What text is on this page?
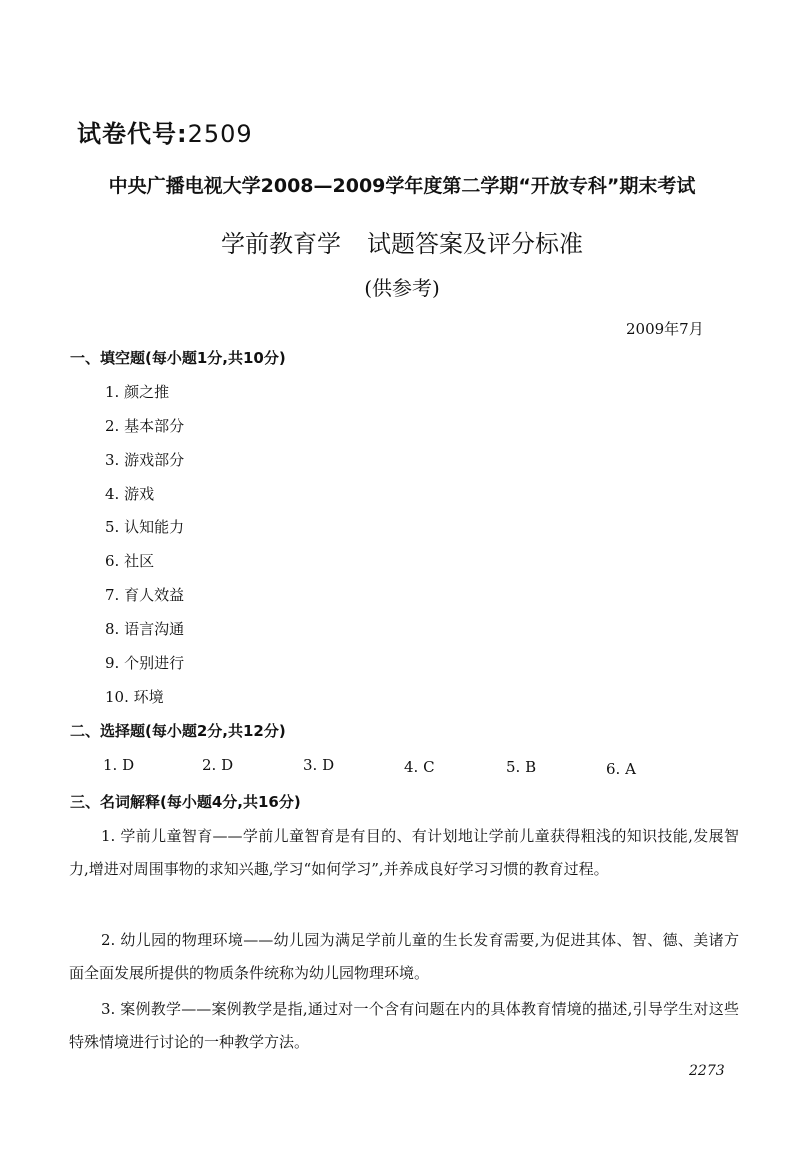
试卷代号:2509
中央广播电视大学2008—2009学年度第二学期“开放专科”期末考试
学前教育学 试题答案及评分标准
(供参考)
2009年7月
一、填空题(每小题1分,共10分)
1. 颜之推
2. 基本部分
3. 游戏部分
4. 游戏
5. 认知能力
6. 社区
7. 育人效益
8. 语言沟通
9. 个别进行
10. 环境
二、选择题(每小题2分,共12分)
1. D	2. D	3. D	4. C	5. B	6. A
三、名词解释(每小题4分,共16分)
1. 学前儿童智育——学前儿童智育是有目的、有计划地让学前儿童获得粗浅的知识技能,发展智力,增进对周围事物的求知兴趣,学习“如何学习”,并养成良好学习习惯的教育过程。
2. 幼儿园的物理环境——幼儿园为满足学前儿童的生长发育需要,为促进其体、智、德、美诸方面全面发展所提供的物质条件统称为幼儿园物理环境。
3. 案例教学——案例教学是指,通过对一个含有问题在内的具体教育情境的描述,引导学生对这些特殊情境进行讨论的一种教学方法。
2273
